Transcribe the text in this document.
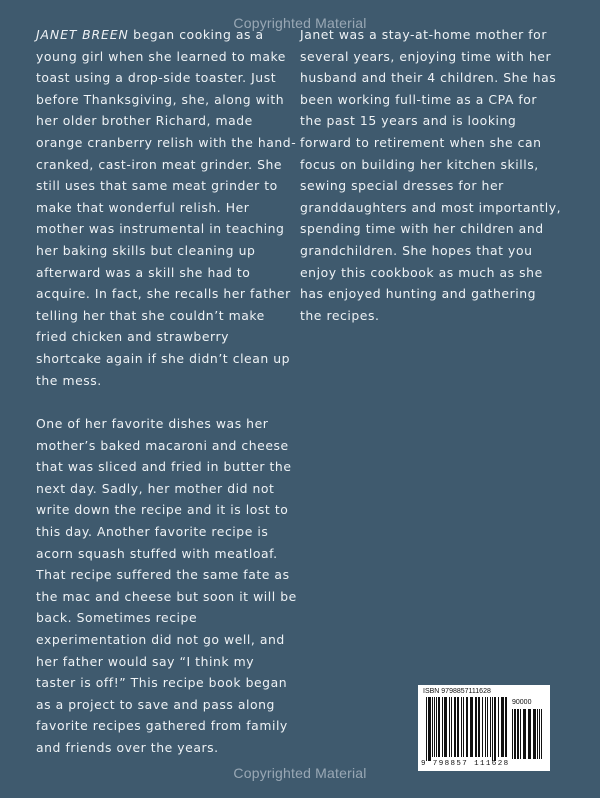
Copyrighted Material

JANET BREEN began cooking as a young girl when she learned to make toast using a drop-side toaster. Just before Thanksgiving, she, along with her older brother Richard, made orange cranberry relish with the hand-cranked, cast-iron meat grinder. She still uses that same meat grinder to make that wonderful relish. Her mother was instrumental in teaching her baking skills but cleaning up afterward was a skill she had to acquire. In fact, she recalls her father telling her that she couldn’t make fried chicken and strawberry shortcake again if she didn’t clean up the mess.

One of her favorite dishes was her mother’s baked macaroni and cheese that was sliced and fried in butter the next day. Sadly, her mother did not write down the recipe and it is lost to this day. Another favorite recipe is acorn squash stuffed with meatloaf. That recipe suffered the same fate as the mac and cheese but soon it will be back. Sometimes recipe experimentation did not go well, and her father would say “I think my taster is off!” This recipe book began as a project to save and pass along favorite recipes gathered from family and friends over the years.

Janet was a stay-at-home mother for several years, enjoying time with her husband and their 4 children. She has been working full-time as a CPA for the past 15 years and is looking forward to retirement when she can focus on building her kitchen skills, sewing special dresses for her granddaughters and most importantly, spending time with her children and grandchildren. She hopes that you enjoy this cookbook as much as she has enjoyed hunting and gathering the recipes.

ISBN 9798857111628
90000
9 798857 111628
Copyrighted Material
